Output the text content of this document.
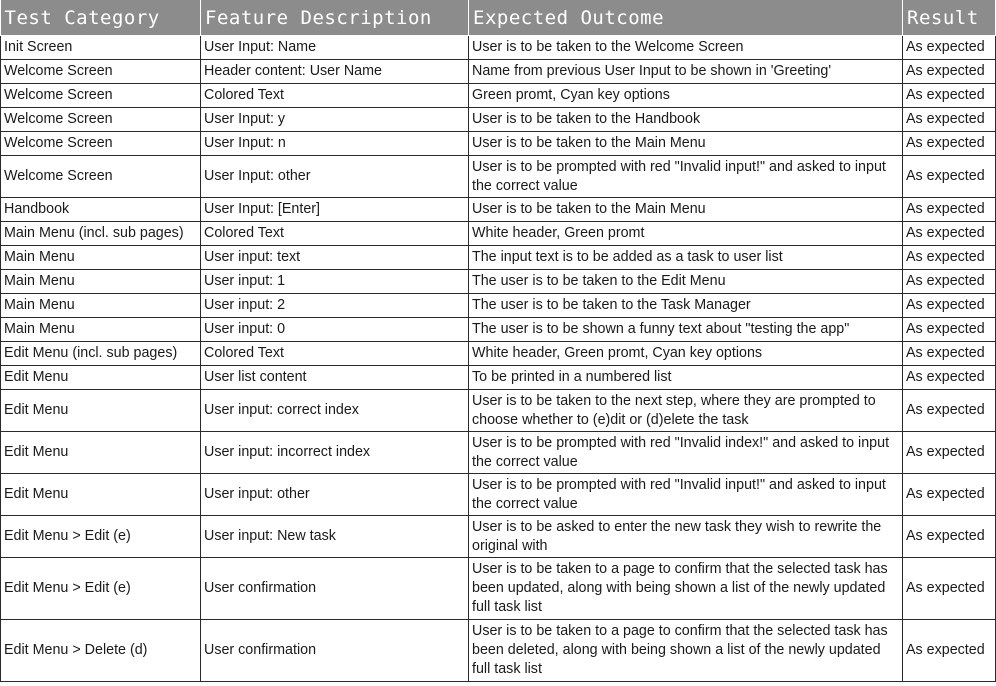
Test Category	Feature Description	Expected Outcome	Result
Init Screen	User Input: Name	User is to be taken to the Welcome Screen	As expected
Welcome Screen	Header content: User Name	Name from previous User Input to be shown in 'Greeting'	As expected
Welcome Screen	Colored Text	Green promt, Cyan key options	As expected
Welcome Screen	User Input: y	User is to be taken to the Handbook	As expected
Welcome Screen	User Input: n	User is to be taken to the Main Menu	As expected
Welcome Screen	User Input: other	User is to be prompted with red "Invalid input!" and asked to input the correct value	As expected
Handbook	User Input: [Enter]	User is to be taken to the Main Menu	As expected
Main Menu (incl. sub pages)	Colored Text	White header, Green promt	As expected
Main Menu	User input: text	The input text is to be added as a task to user list	As expected
Main Menu	User input: 1	The user is to be taken to the Edit Menu	As expected
Main Menu	User input: 2	The user is to be taken to the Task Manager	As expected
Main Menu	User input: 0	The user is to be shown a funny text about "testing the app"	As expected
Edit Menu (incl. sub pages)	Colored Text	White header, Green promt, Cyan key options	As expected
Edit Menu	User list content	To be printed in a numbered list	As expected
Edit Menu	User input: correct index	User is to be taken to the next step, where they are prompted to choose whether to (e)dit or (d)elete the task	As expected
Edit Menu	User input: incorrect index	User is to be prompted with red "Invalid index!" and asked to input the correct value	As expected
Edit Menu	User input: other	User is to be prompted with red "Invalid input!" and asked to input the correct value	As expected
Edit Menu > Edit (e)	User input: New task	User is to be asked to enter the new task they wish to rewrite the original with	As expected
Edit Menu > Edit (e)	User confirmation	User is to be taken to a page to confirm that the selected task has been updated, along with being shown a list of the newly updated full task list	As expected
Edit Menu > Delete (d)	User confirmation	User is to be taken to a page to confirm that the selected task has been deleted, along with being shown a list of the newly updated full task list	As expected
